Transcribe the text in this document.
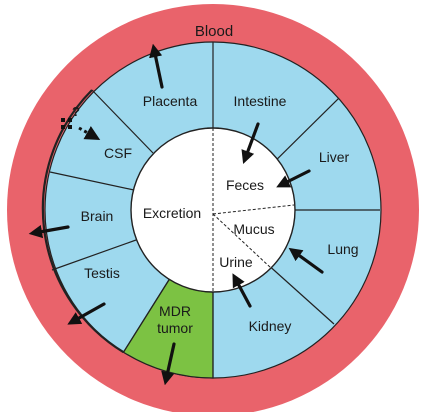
?
Blood
Placenta	Intestine
Liver
Lung
Kidney
MDR
tumor
Testis
Brain
CSF
Excretion
Feces
Mucus
Urine
